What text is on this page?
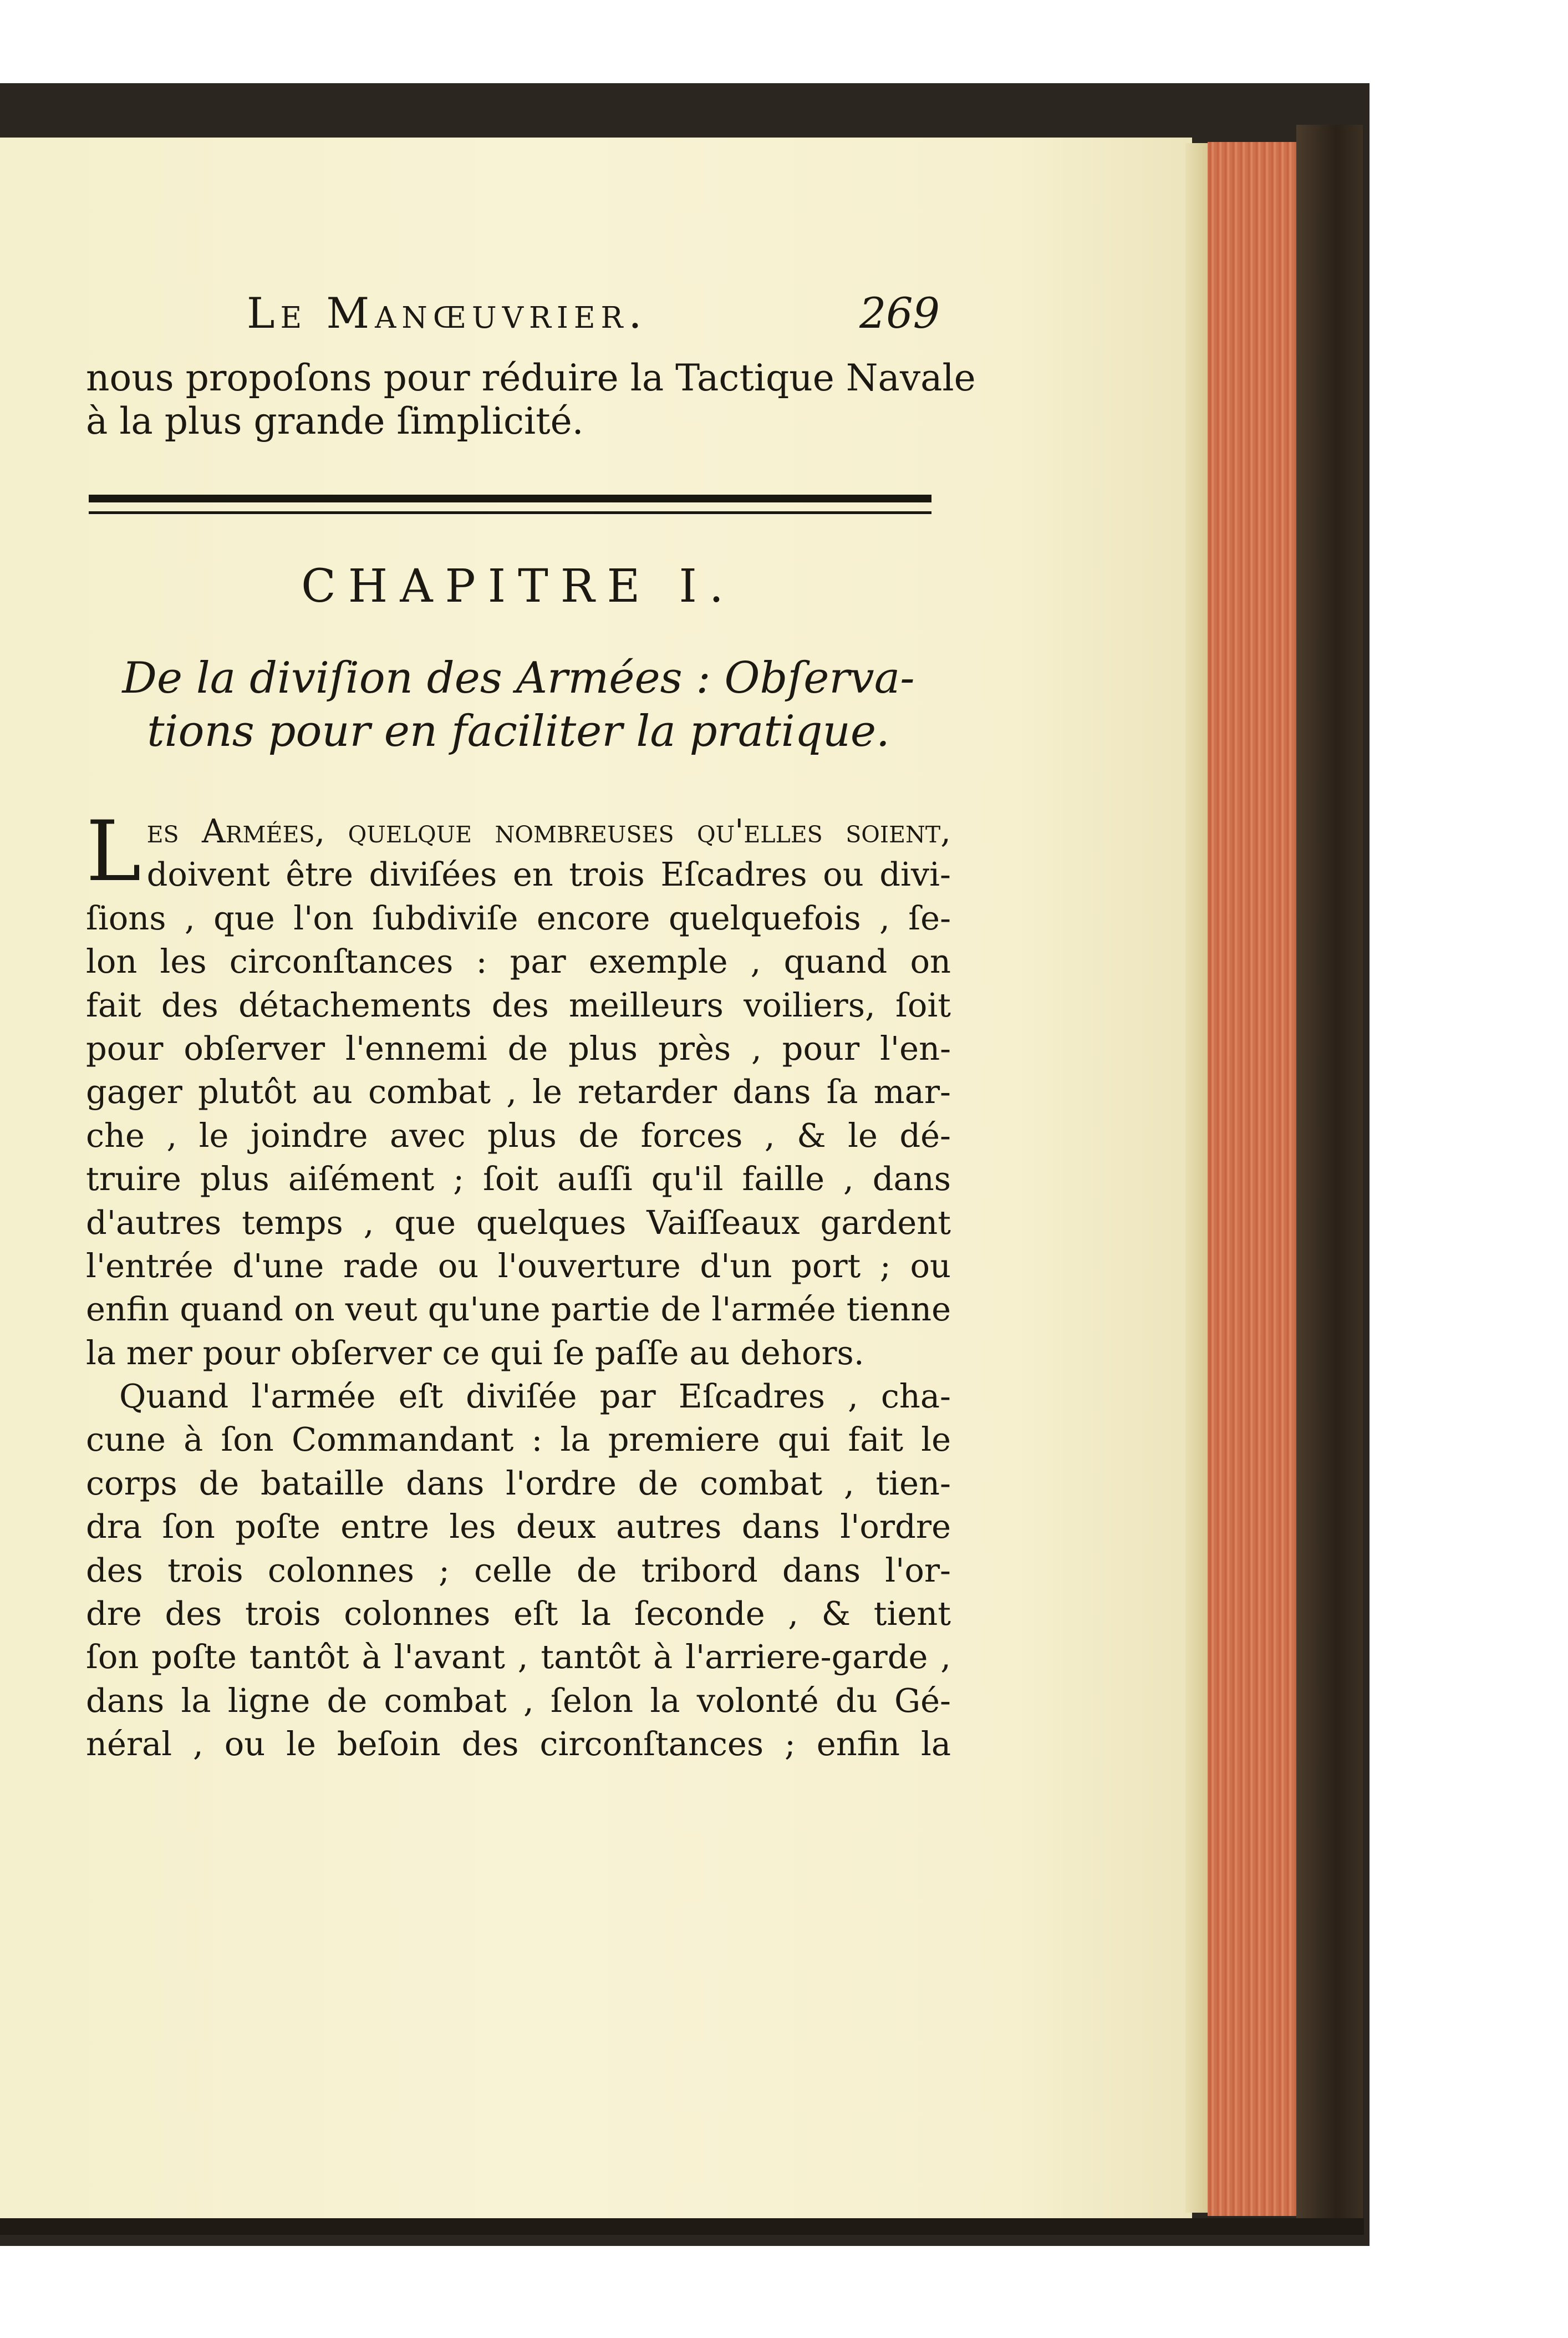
Le Manœuvrier.	269
nous propoſons pour réduire la Tactique Navale
à la plus grande ſimplicité.
CHAPITRE I.
De la diviſion des Armées : Obſerva-
tions pour en faciliter la pratique.
L es Armées, quelque nombreuſes qu'elles ſoient,
doivent être diviſées en trois Eſcadres ou divi-
ſions , que l'on ſubdiviſe encore quelquefois , ſe-
lon les circonſtances : par exemple , quand on
fait des détachements des meilleurs voiliers, ſoit
pour obſerver l'ennemi de plus près , pour l'en-
gager plutôt au combat , le retarder dans ſa mar-
che , le joindre avec plus de forces , & le dé-
truire plus aiſément ; ſoit auſſi qu'il faille , dans
d'autres temps , que quelques Vaiſſeaux gardent
l'entrée d'une rade ou l'ouverture d'un port ; ou
enfin quand on veut qu'une partie de l'armée tienne
la mer pour obſerver ce qui ſe paſſe au dehors.
Quand l'armée eſt diviſée par Eſcadres , cha-
cune à ſon Commandant : la premiere qui fait le
corps de bataille dans l'ordre de combat , tien-
dra ſon poſte entre les deux autres dans l'ordre
des trois colonnes ; celle de tribord dans l'or-
dre des trois colonnes eſt la ſeconde , & tient
ſon poſte tantôt à l'avant , tantôt à l'arriere-garde ,
dans la ligne de combat , ſelon la volonté du Gé-
néral , ou le beſoin des circonſtances ; enfin la
